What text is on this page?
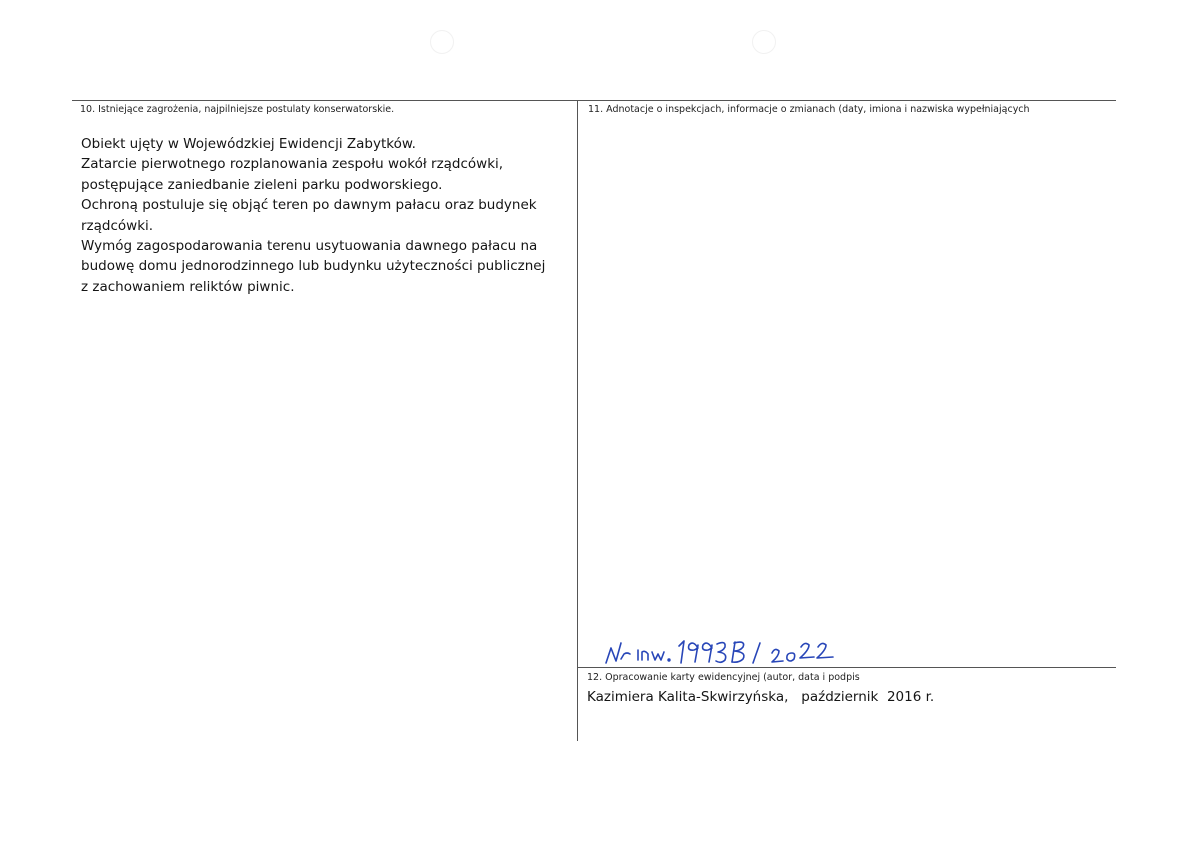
10. Istniejące zagrożenia, najpilniejsze postulaty konserwatorskie.

Obiekt ujęty w Wojewódzkiej Ewidencji Zabytków.

Zatarcie pierwotnego rozplanowania zespołu wokół rządcówki,

postępujące zaniedbanie zieleni parku podworskiego.

Ochroną postuluje się objąć teren po dawnym pałacu oraz budynek

rządcówki.

Wymóg zagospodarowania terenu usytuowania dawnego pałacu na

budowę domu jednorodzinnego lub budynku użyteczności publicznej

z zachowaniem reliktów piwnic.

11. Adnotacje o inspekcjach, informacje o zmianach (daty, imiona i nazwiska wypełniających
12. Opracowanie karty ewidencyjnej (autor, data i podpis
Kazimiera Kalita-Skwirzyńska,   październik  2016 r.
